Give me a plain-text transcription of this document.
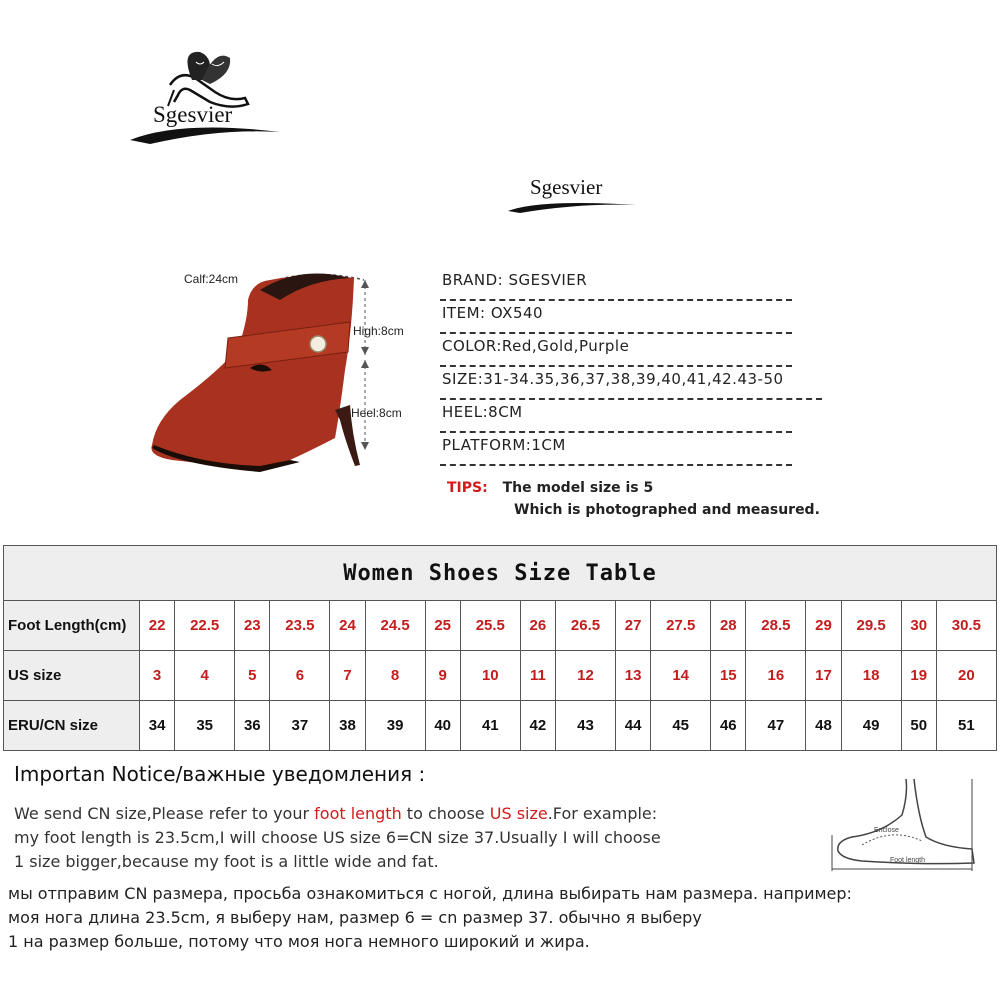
Sgesvier
Sgesvier
Calf:24cm
High:8cm
Heel:8cm
BRAND: SGESVIER
ITEM: OX540
COLOR:Red,Gold,Purple
SIZE:31-34.35,36,37,38,39,40,41,42.43-50
HEEL:8CM
PLATFORM:1CM
TIPS: The model size is 5
Which is photographed and measured.
Women Shoes Size Table																		
Foot Length(cm)	22	22.5	23	23.5	24	24.5	25	25.5	26	26.5	27	27.5	28	28.5	29	29.5	30	30.5
US size	3	4	5	6	7	8	9	10	11	12	13	14	15	16	17	18	19	20
ERU/CN size	34	35	36	37	38	39	40	41	42	43	44	45	46	47	48	49	50	51
Importan Notice/важные уведомления :
We send CN size,Please refer to your foot length to choose US size.For example:
my foot length is 23.5cm,I will choose US size 6=CN size 37.Usually I will choose
1 size bigger,because my foot is a little wide and fat.
мы отправим CN размера, просьба ознакомиться с ногой, длина выбирать нам размера. например:
моя нога длина 23.5cm, я выберу нам, размер 6 = cn размер 37. обычно я выберу
1 на размер больше, потому что моя нога немного широкий и жира.
Enclose
Foot length
